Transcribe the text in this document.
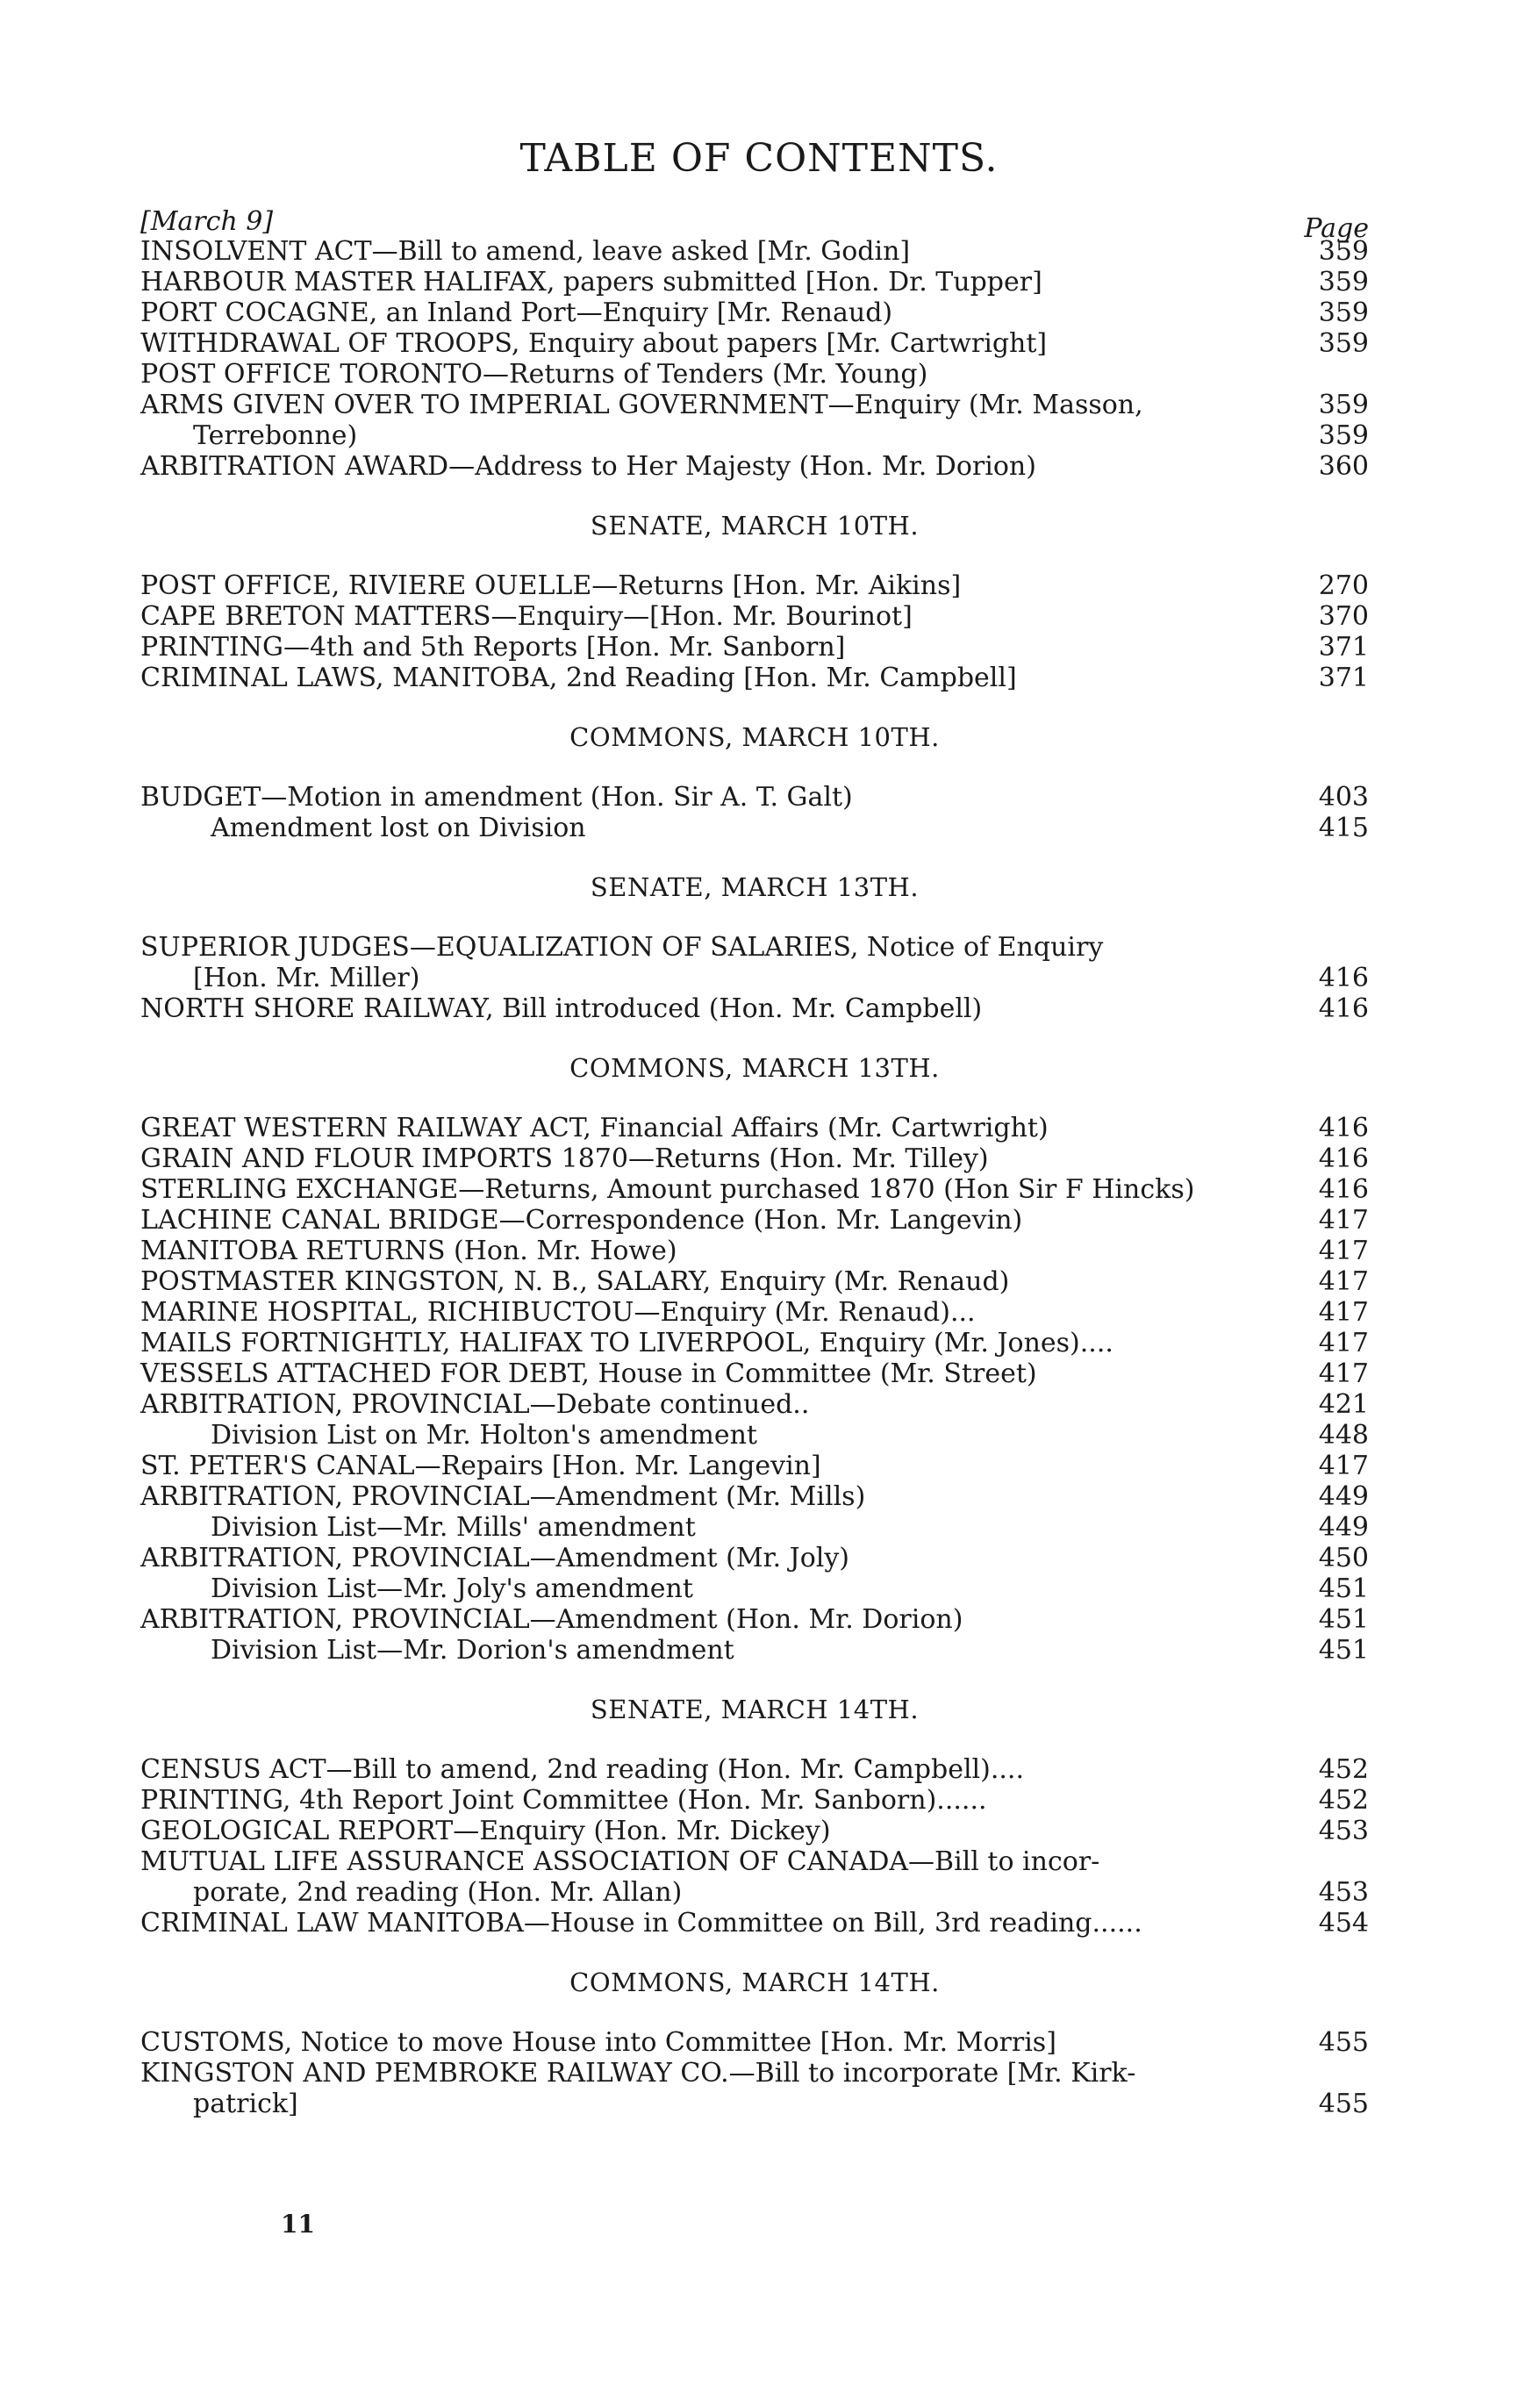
TABLE OF CONTENTS.
[March 9]	Page
INSOLVENT ACT—Bill to amend, leave asked [Mr. Godin]	359
HARBOUR MASTER HALIFAX, papers submitted [Hon. Dr. Tupper]	359
PORT COCAGNE, an Inland Port—Enquiry [Mr. Renaud)	359
WITHDRAWAL OF TROOPS, Enquiry about papers [Mr. Cartwright]	359
POST OFFICE TORONTO—Returns of Tenders (Mr. Young)
ARMS GIVEN OVER TO IMPERIAL GOVERNMENT—Enquiry (Mr. Masson,	359
Terrebonne)	359
ARBITRATION AWARD—Address to Her Majesty (Hon. Mr. Dorion)	360
SENATE, MARCH 10TH.
POST OFFICE, RIVIERE OUELLE—Returns [Hon. Mr. Aikins]	270
CAPE BRETON MATTERS—Enquiry—[Hon. Mr. Bourinot]	370
PRINTING—4th and 5th Reports [Hon. Mr. Sanborn]	371
CRIMINAL LAWS, MANITOBA, 2nd Reading [Hon. Mr. Campbell]	371
COMMONS, MARCH 10TH.
BUDGET—Motion in amendment (Hon. Sir A. T. Galt)	403
Amendment lost on Division	415
SENATE, MARCH 13TH.
SUPERIOR JUDGES—EQUALIZATION OF SALARIES, Notice of Enquiry
[Hon. Mr. Miller)	416
NORTH SHORE RAILWAY, Bill introduced (Hon. Mr. Campbell)	416
COMMONS, MARCH 13TH.
GREAT WESTERN RAILWAY ACT, Financial Affairs (Mr. Cartwright)	416
GRAIN AND FLOUR IMPORTS 1870—Returns (Hon. Mr. Tilley)	416
STERLING EXCHANGE—Returns, Amount purchased 1870 (Hon Sir F Hincks)	416
LACHINE CANAL BRIDGE—Correspondence (Hon. Mr. Langevin)	417
MANITOBA RETURNS (Hon. Mr. Howe)	417
POSTMASTER KINGSTON, N. B., SALARY, Enquiry (Mr. Renaud)	417
MARINE HOSPITAL, RICHIBUCTOU—Enquiry (Mr. Renaud)...	417
MAILS FORTNIGHTLY, HALIFAX TO LIVERPOOL, Enquiry (Mr. Jones)....	417
VESSELS ATTACHED FOR DEBT, House in Committee (Mr. Street)	417
ARBITRATION, PROVINCIAL—Debate continued..	421
Division List on Mr. Holton's amendment	448
ST. PETER'S CANAL—Repairs [Hon. Mr. Langevin]	417
ARBITRATION, PROVINCIAL—Amendment (Mr. Mills)	449
Division List—Mr. Mills' amendment	449
ARBITRATION, PROVINCIAL—Amendment (Mr. Joly)	450
Division List—Mr. Joly's amendment	451
ARBITRATION, PROVINCIAL—Amendment (Hon. Mr. Dorion)	451
Division List—Mr. Dorion's amendment	451
SENATE, MARCH 14TH.
CENSUS ACT—Bill to amend, 2nd reading (Hon. Mr. Campbell)....	452
PRINTING, 4th Report Joint Committee (Hon. Mr. Sanborn)......	452
GEOLOGICAL REPORT—Enquiry (Hon. Mr. Dickey)	453
MUTUAL LIFE ASSURANCE ASSOCIATION OF CANADA—Bill to incor-
porate, 2nd reading (Hon. Mr. Allan)	453
CRIMINAL LAW MANITOBA—House in Committee on Bill, 3rd reading......	454
COMMONS, MARCH 14TH.
CUSTOMS, Notice to move House into Committee [Hon. Mr. Morris]	455
KINGSTON AND PEMBROKE RAILWAY CO.—Bill to incorporate [Mr. Kirk-
patrick]	455
11
